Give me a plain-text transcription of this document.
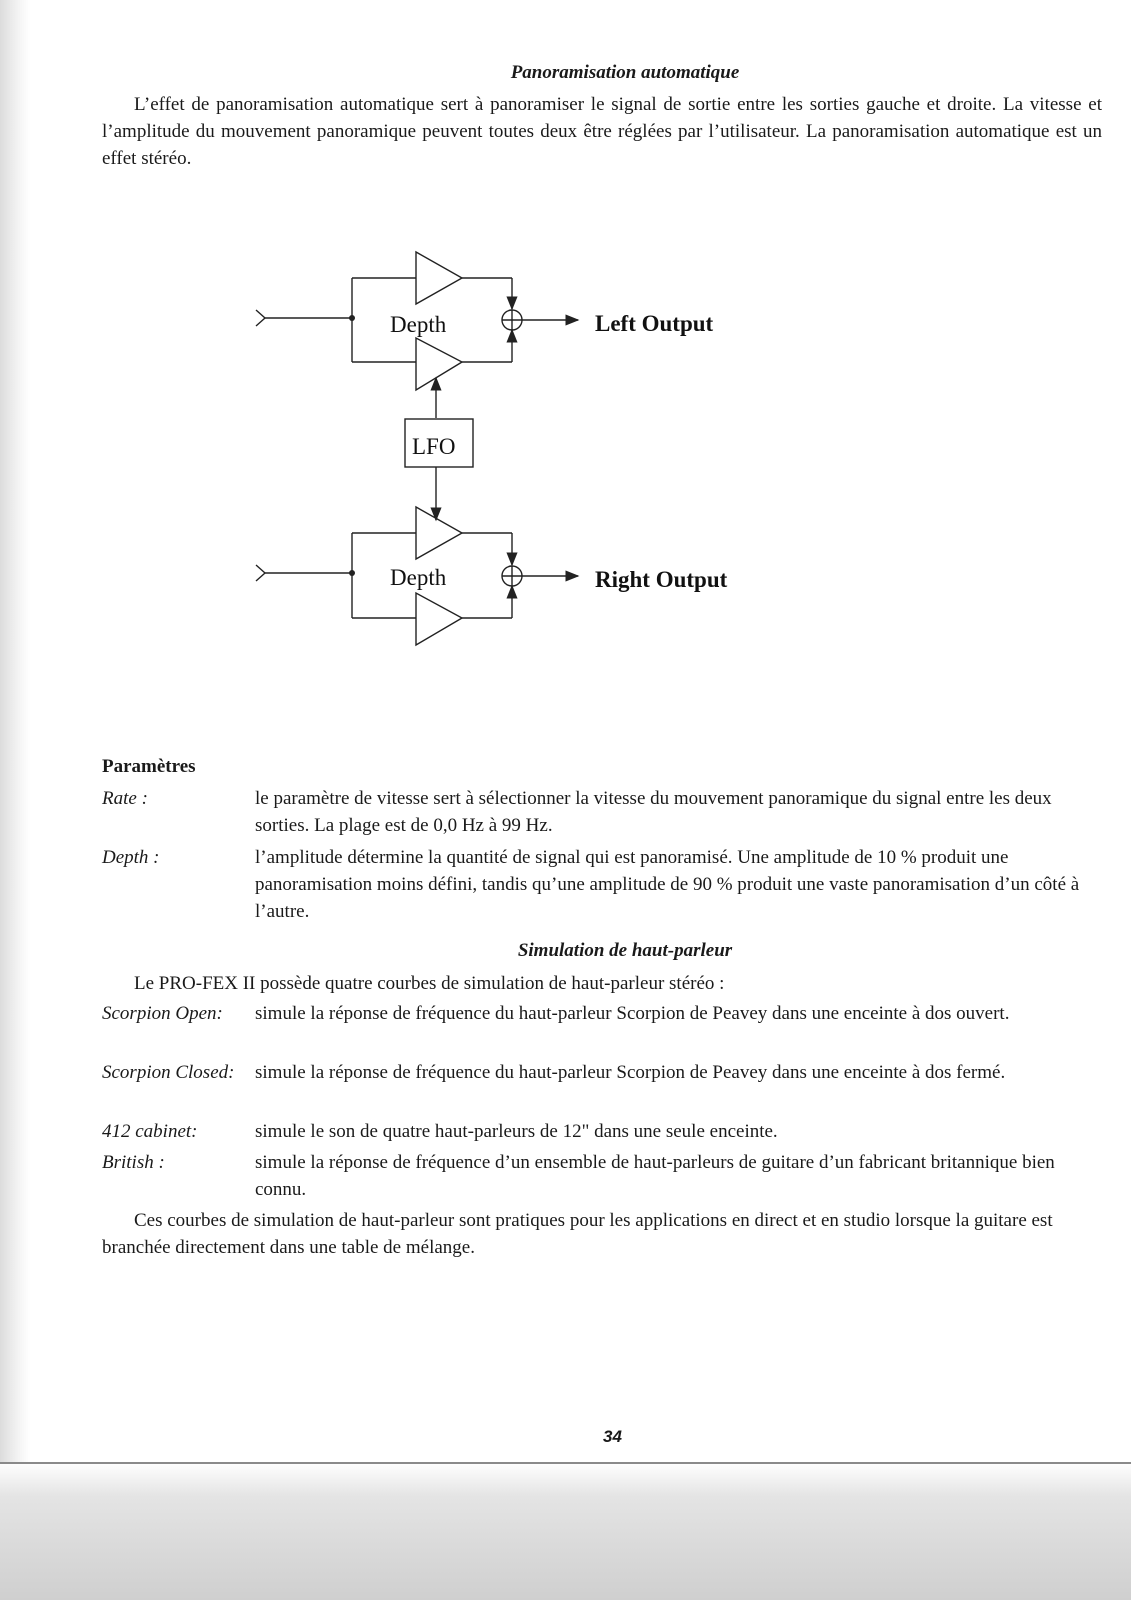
Panoramisation automatique
L’effet de panoramisation automatique sert à panoramiser le signal de sortie entre les sorties gauche et droite. La vitesse et l’amplitude du mouvement panoramique peuvent toutes deux être réglées par l’utilisateur. La panoramisation automatique est un effet stéréo.
Depth	Left Output
LFO
Depth	Right Output
Paramètres
Rate :	le paramètre de vitesse sert à sélectionner la vitesse du mouvement panoramique du signal entre les deux sorties. La plage est de 0,0 Hz à 99 Hz.
Depth :	l’amplitude détermine la quantité de signal qui est panoramisé. Une amplitude de 10 % produit une panoramisation moins défini, tandis qu’une amplitude de 90 % produit une vaste panoramisation d’un côté à l’autre.
Simulation de haut-parleur
Le PRO-FEX II possède quatre courbes de simulation de haut-parleur stéréo :
Scorpion Open:	simule la réponse de fréquence du haut-parleur Scorpion de Peavey dans une enceinte à dos ouvert.
Scorpion Closed:	simule la réponse de fréquence du haut-parleur Scorpion de Peavey dans une enceinte à dos fermé.
412 cabinet:	simule le son de quatre haut-parleurs de 12" dans une seule enceinte.
British :	simule la réponse de fréquence d’un ensemble de haut-parleurs de guitare d’un fabricant britannique bien connu.
Ces courbes de simulation de haut-parleur sont pratiques pour les applications en direct et en studio lorsque la guitare est branchée directement dans une table de mélange.
34
